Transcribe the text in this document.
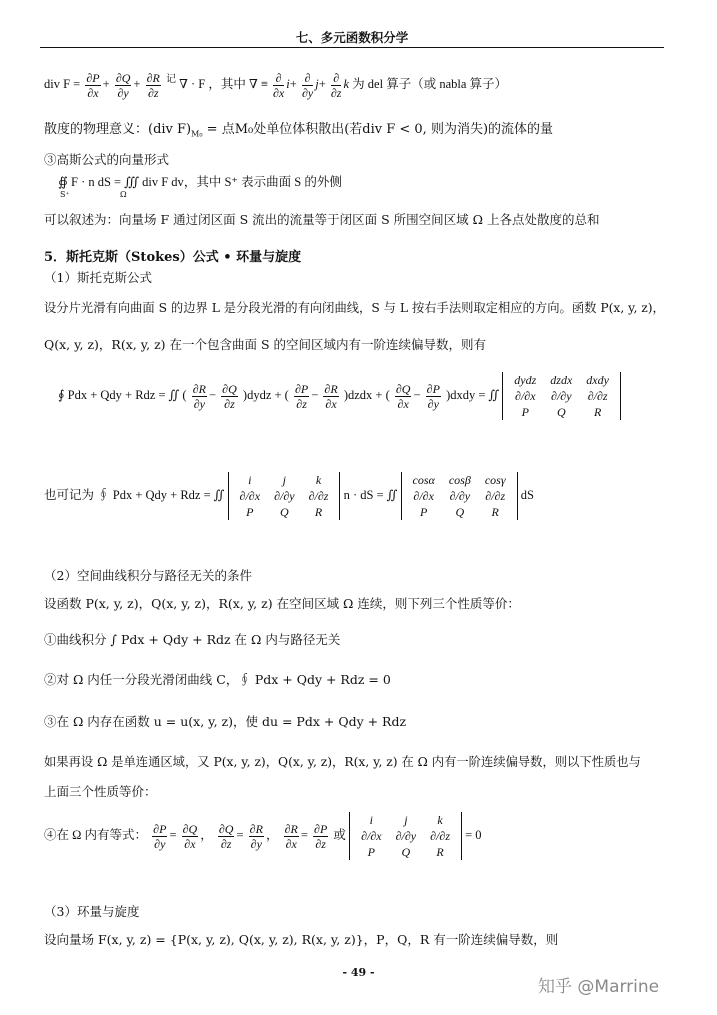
七、多元函数积分学
div $F = \frac{\partial P}{\partial x} + \frac{\partial Q}{\partial y} + \frac{\partial R}{\partial z} ^记$ ∇ · F ，其中 ∇ ≡ $\frac{\partial}{\partial x} i+ \frac{\partial}{\partial y} j+ \frac{\partial}{\partial z}$ k 为 del 算子（或 nabla 算子）
散度的物理意义：(div $F)_{M_0}$ = 点M₀处单位体积散出(若div F < 0, 则为消失)的流体的量
③高斯公式的向量形式
∯ F · n dS = ∭ div F dv，其中 S⁺ 表示曲面 S 的外侧
S⁺	Ω
可以叙述为：向量场 F 通过闭区面 S 流出的流量等于闭区面 S 所围空间区域 Ω 上各点处散度的总和
5．斯托克斯（Stokes）公式 • 环量与旋度
（1）斯托克斯公式
设分片光滑有向曲面 S 的边界 L 是分段光滑的有向闭曲线，S 与 L 按右手法则取定相应的方向。函数 P(x, y, z)，
Q(x, y, z)，R(x, y, z) 在一个包含曲面 S 的空间区域内有一阶连续偏导数，则有
∮ Pdx + Qdy + Rdz = ∬ ( $\frac{\partial R}{\partial y} - \frac{\partial Q}{\partial z}$ )dydz + ( $\frac{\partial P}{\partial z} - \frac{\partial R}{\partial x}$ )dzdx + ( $\frac{\partial Q}{\partial x} - \frac{\partial P}{\partial y}$ )dxdy = ∬
dydz	dzdx	dxdy
∂/∂x	∂/∂y	∂/∂z
P	Q	R
也可记为 ∮ Pdx + Qdy + Rdz = ∬
i	j	k
∂/∂x	∂/∂y	∂/∂z
P	Q	R
n · dS = ∬
cosα	cosβ	cosγ
∂/∂x	∂/∂y	∂/∂z
P	Q	R
dS
（2）空间曲线积分与路径无关的条件
设函数 P(x, y, z)，Q(x, y, z)，R(x, y, z) 在空间区域 Ω 连续，则下列三个性质等价：
①曲线积分 ∫ Pdx + Qdy + Rdz 在 Ω 内与路径无关
②对 Ω 内任一分段光滑闭曲线 C，∮ Pdx + Qdy + Rdz = 0
③在 Ω 内存在函数 u = u(x, y, z)，使 du = Pdx + Qdy + Rdz
如果再设 Ω 是单连通区域，又 P(x, y, z)，Q(x, y, z)，R(x, y, z) 在 Ω 内有一阶连续偏导数，则以下性质也与
上面三个性质等价：
④在 Ω 内有等式： $\frac{\partial P}{\partial y} = \frac{\partial Q}{\partial x}$ ， $\frac{\partial Q}{\partial z} = \frac{\partial R}{\partial y}$ ， $\frac{\partial R}{\partial x} = \frac{\partial P}{\partial z}$ 或
i	j	k
∂/∂x	∂/∂y	∂/∂z
P	Q	R
= 0
（3）环量与旋度
设向量场 F(x, y, z) = {P(x, y, z), Q(x, y, z), R(x, y, z)}，P，Q，R 有一阶连续偏导数，则
- 49 -
知乎 @Marrine
